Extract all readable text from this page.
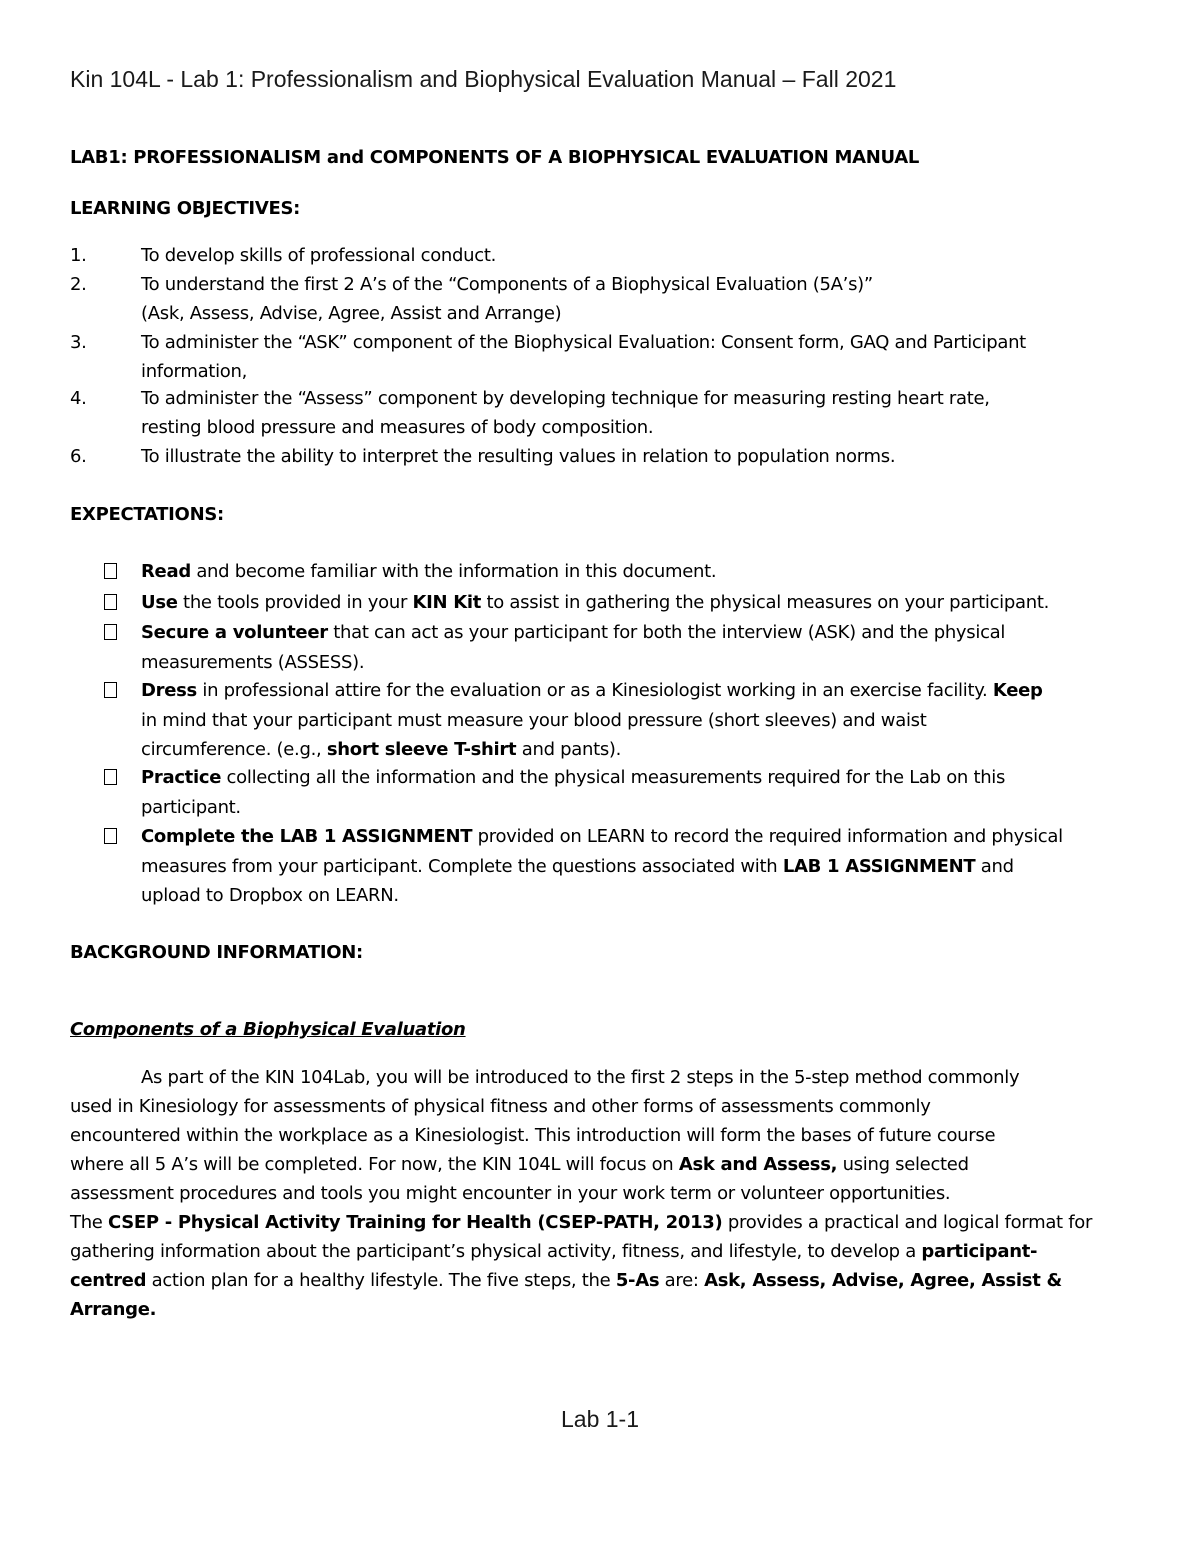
Kin 104L - Lab 1: Professionalism and Biophysical Evaluation Manual – Fall 2021
LAB1: PROFESSIONALISM and COMPONENTS OF A BIOPHYSICAL EVALUATION MANUAL
LEARNING OBJECTIVES:
1.	To develop skills of professional conduct.
2.	To understand the first 2 A’s of the “Components of a Biophysical Evaluation (5A’s)”
(Ask, Assess, Advise, Agree, Assist and Arrange)
3.	To administer the “ASK” component of the Biophysical Evaluation: Consent form, GAQ and Participant
information,
4.	To administer the “Assess” component by developing technique for measuring resting heart rate,
resting blood pressure and measures of body composition.
6.	To illustrate the ability to interpret the resulting values in relation to population norms.
EXPECTATIONS:
Read and become familiar with the information in this document.
Use the tools provided in your KIN Kit to assist in gathering the physical measures on your participant.
Secure a volunteer that can act as your participant for both the interview (ASK) and the physical
measurements (ASSESS).
Dress in professional attire for the evaluation or as a Kinesiologist working in an exercise facility. Keep
in mind that your participant must measure your blood pressure (short sleeves) and waist
circumference. (e.g., short sleeve T-shirt and pants).
Practice collecting all the information and the physical measurements required for the Lab on this
participant.
Complete the LAB 1 ASSIGNMENT provided on LEARN to record the required information and physical
measures from your participant. Complete the questions associated with LAB 1 ASSIGNMENT and
upload to Dropbox on LEARN.
BACKGROUND INFORMATION:
Components of a Biophysical Evaluation
As part of the KIN 104Lab, you will be introduced to the first 2 steps in the 5-step method commonly
used in Kinesiology for assessments of physical fitness and other forms of assessments commonly
encountered within the workplace as a Kinesiologist. This introduction will form the bases of future course
where all 5 A’s will be completed. For now, the KIN 104L will focus on Ask and Assess, using selected
assessment procedures and tools you might encounter in your work term or volunteer opportunities.
The CSEP - Physical Activity Training for Health (CSEP-PATH, 2013) provides a practical and logical format for
gathering information about the participant’s physical activity, fitness, and lifestyle, to develop a participant-
centred action plan for a healthy lifestyle. The five steps, the 5-As are: Ask, Assess, Advise, Agree, Assist &
Arrange.
Lab 1-1
